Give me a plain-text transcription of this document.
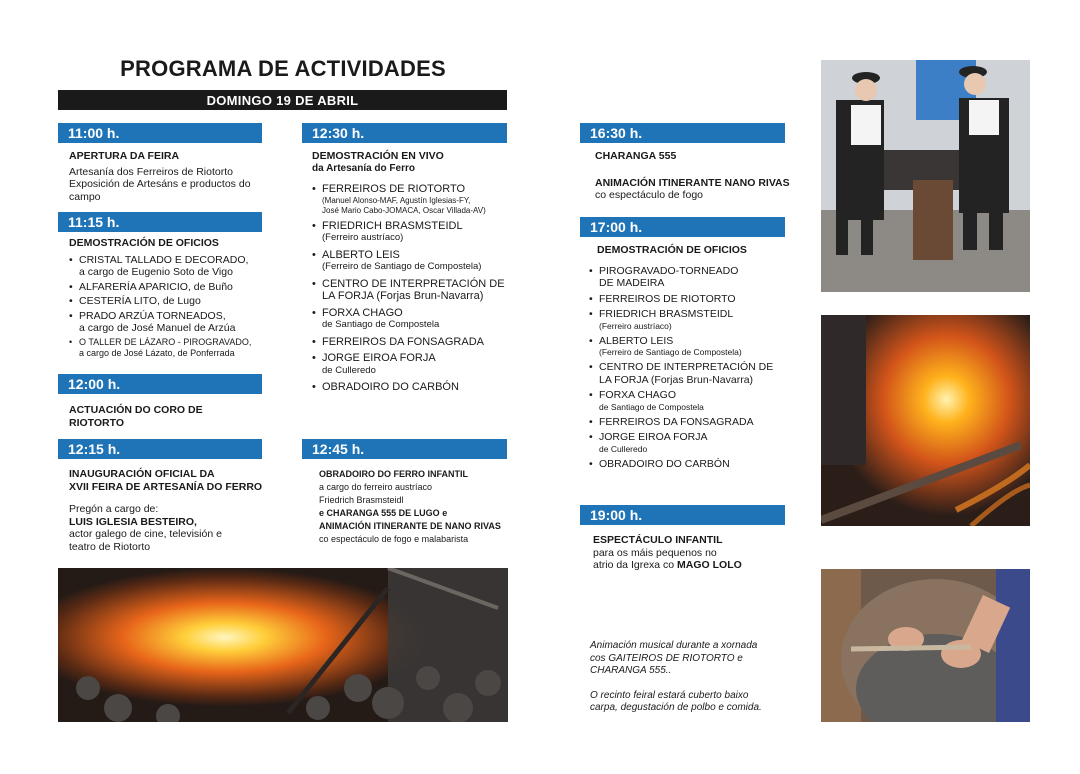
PROGRAMA DE ACTIVIDADES
DOMINGO 19 DE ABRIL
11:00 h.
APERTURA DA FEIRA
Artesanía dos Ferreiros de Riotorto
Exposición de Artesáns e productos do
campo
11:15 h.
DEMOSTRACIÓN DE OFICIOS
• CRISTAL TALLADO E DECORADO,
a cargo de Eugenio Soto de Vigo
• ALFARERÍA APARICIO, de Buño
• CESTERÍA LITO, de Lugo
• PRADO ARZÚA TORNEADOS,
a cargo de José Manuel de Arzúa
• O TALLER DE LÁZARO - PIROGRAVADO,
a cargo de José Lázato, de Ponferrada
12:00 h.
ACTUACIÓN DO CORO DE
RIOTORTO
12:15 h.
INAUGURACIÓN OFICIAL DA
XVII FEIRA DE ARTESANÍA DO FERRO
Pregón a cargo de:
LUIS IGLESIA BESTEIRO,
actor galego de cine, televisión e
teatro de Riotorto
12:30 h.
DEMOSTRACIÓN EN VIVO
da Artesanía do Ferro
• FERREIROS DE RIOTORTO
(Manuel Alonso-MAF, Agustín Iglesias-FY,
José Mario Cabo-JOMACA, Oscar Villada-AV)
• FRIEDRICH BRASMSTEIDL
(Ferreiro austríaco)
• ALBERTO LEIS
(Ferreiro de Santiago de Compostela)
• CENTRO DE INTERPRETACIÓN DE
LA FORJA (Forjas Brun-Navarra)
• FORXA CHAGO
de Santiago de Compostela
• FERREIROS DA FONSAGRADA
• JORGE EIROA FORJA
de Culleredo
• OBRADOIRO DO CARBÓN
12:45 h.
OBRADOIRO DO FERRO INFANTIL
a cargo do ferreiro austríaco
Friedrich Brasmsteidl
e CHARANGA 555 DE LUGO e
ANIMACIÓN ITINERANTE DE NANO RIVAS
co espectáculo de fogo e malabarista
16:30 h.
CHARANGA 555
ANIMACIÓN ITINERANTE NANO RIVAS
co espectáculo de fogo
17:00 h.
DEMOSTRACIÓN DE OFICIOS
• PIROGRAVADO-TORNEADO
DE MADEIRA
• FERREIROS DE RIOTORTO
• FRIEDRICH BRASMSTEIDL
(Ferreiro austríaco)
• ALBERTO LEIS
(Ferreiro de Santiago de Compostela)
• CENTRO DE INTERPRETACIÓN DE
LA FORJA (Forjas Brun-Navarra)
• FORXA CHAGO
de Santiago de Compostela
• FERREIROS DA FONSAGRADA
• JORGE EIROA FORJA
de Culleredo
• OBRADOIRO DO CARBÓN
19:00 h.
ESPECTÁCULO INFANTIL
para os máis pequenos no
atrio da Igrexa co MAGO LOLO
Animación musical durante a xornada
cos GAITEIROS DE RIOTORTO e
CHARANGA 555..
O recinto feiral estará cuberto baixo
carpa, degustación de polbo e comida.
